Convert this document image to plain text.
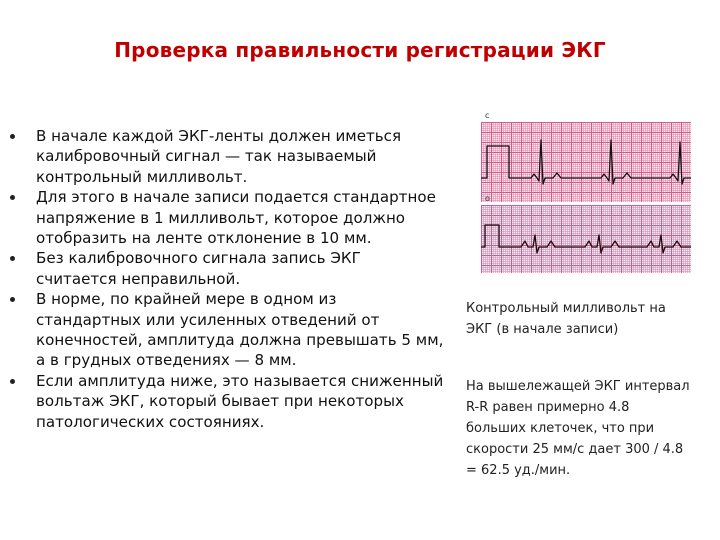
Проверка правильности регистрации ЭКГ
В начале каждой ЭКГ-ленты должен иметься калибровочный сигнал — так называемый контрольный милливольт.
Для этого в начале записи подается стандартное напряжение в 1 милливольт, которое должно отобразить на ленте отклонение в 10 мм.
Без калибровочного сигнала запись ЭКГ считается неправильной.
В норме, по крайней мере в одном из стандартных или усиленных отведений от конечностей, амплитуда должна превышать 5 мм, а в грудных отведениях — 8 мм.
Если амплитуда ниже, это называется сниженный вольтаж ЭКГ, который бывает при некоторых патологических состояниях.
c
o
Контрольный милливольт на
ЭКГ (в начале записи)
На вышележащей ЭКГ интервал
R-R равен примерно 4.8
больших клеточек, что при
скорости 25 мм/с дает 300 / 4.8
= 62.5 уд./мин.
